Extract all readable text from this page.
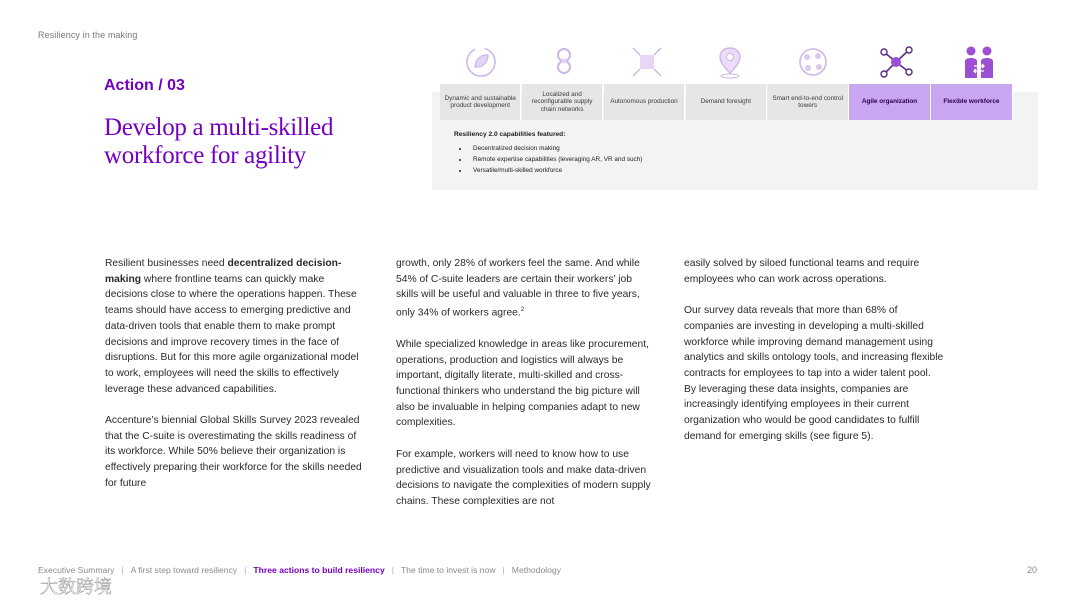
Resiliency in the making
Action / 03
Develop a multi-skilled workforce for agility
Dynamic and sustainable product development
Localized and reconfigurable supply chain networks
Autonomous production	Demand foresight
Smart end-to-end control towers
Agile organization	Flexible workforce
Resiliency 2.0 capabilities featured:
• Decentralized decision making
• Remote expertise capabilities (leveraging AR, VR and such)
• Versatile/multi-skilled workforce

Resilient businesses need decentralized decision-making where frontline teams can quickly make decisions close to where the operations happen. These teams should have access to emerging predictive and data-driven tools that enable them to make prompt decisions and improve recovery times in the face of disruptions. But for this more agile organizational model to work, employees will need the skills to effectively leverage these advanced capabilities.

Accenture’s biennial Global Skills Survey 2023 revealed that the C-suite is overestimating the skills readiness of its workforce. While 50% believe their organization is effectively preparing their workforce for the skills needed for future

growth, only 28% of workers feel the same. And while 54% of C-suite leaders are certain their workers’ job skills will be useful and valuable in three to five years, only 34% of workers agree.$^2$

While specialized knowledge in areas like procurement, operations, production and logistics will always be important, digitally literate, multi-skilled and cross-functional thinkers who understand the big picture will also be invaluable in helping companies adapt to new complexities.

For example, workers will need to know how to use predictive and visualization tools and make data-driven decisions to navigate the complexities of modern supply chains. These complexities are not

easily solved by siloed functional teams and require employees who can work across operations.

Our survey data reveals that more than 68% of companies are investing in developing a multi-skilled workforce while improving demand management using analytics and skills ontology tools, and increasing flexible contracts for employees to tap into a wider talent pool. By leveraging these data insights, companies are increasingly identifying employees in their current organization who would be good candidates to fulfill demand for emerging skills (see figure 5).

Executive Summary | A first step toward resiliency | Three actions to build resiliency | The time to invest is now | Methodology	20
大数跨境
